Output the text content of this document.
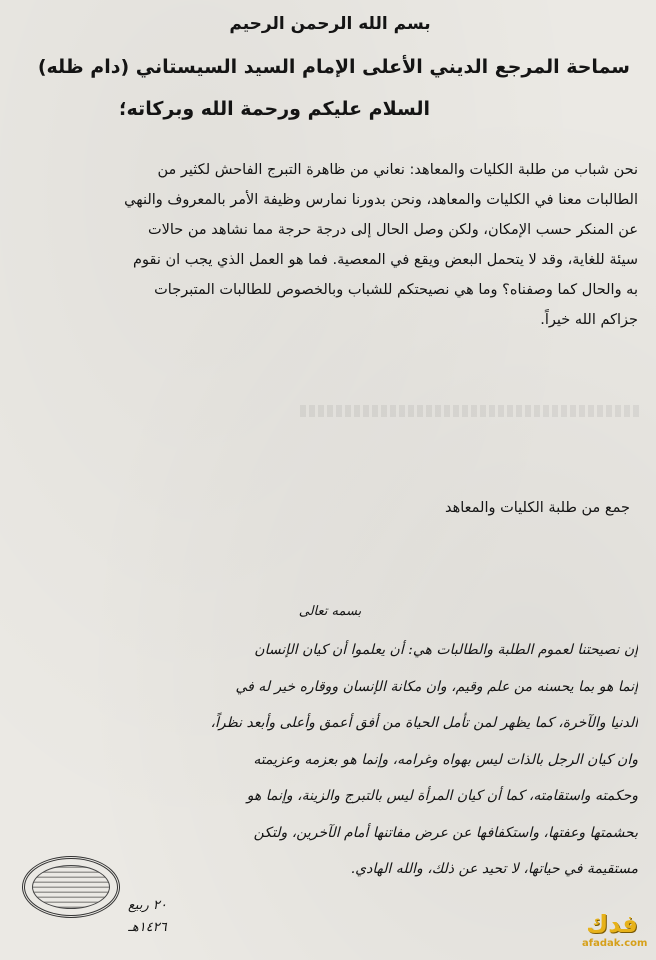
بسم الله الرحمن الرحيم
سماحة المرجع الديني الأعلى الإمام السيد السيستاني (دام ظله)
السلام عليكم ورحمة الله وبركاته؛

نحن شباب من طلبة الكليات والمعاهد: نعاني من ظاهرة التبرج الفاحش لكثير من

الطالبات معنا في الكليات والمعاهد، ونحن بدورنا نمارس وظيفة الأمر بالمعروف والنهي

عن المنكر حسب الإمكان، ولكن وصل الحال إلى درجة حرجة مما نشاهد من حالات

سيئة للغاية، وقد لا يتحمل البعض ويقع في المعصية. فما هو العمل الذي يجب ان نقوم

به والحال كما وصفناه؟ وما هي نصيحتكم للشباب وبالخصوص للطالبات المتبرجات

جزاكم الله خيراً.

جمع من طلبة الكليات والمعاهد
بسمه تعالى

إن نصيحتنا لعموم الطلبة والطالبات هي: أن يعلموا أن كيان الإنسان

إنما هو بما يحسنه من علم وقيم، وان مكانة الإنسان ووقاره خير له في

الدنيا والآخرة، كما يظهر لمن تأمل الحياة من أفق أعمق وأعلى وأبعد نظراً،

وان كيان الرجل بالذات ليس بهواه وغرامه، وإنما هو بعزمه وعزيمته

وحكمته واستقامته، كما أن كيان المرأة ليس بالتبرج والزينة، وإنما هو

بحشمتها وعفتها، واستكفافها عن عرض مفاتنها أمام الآخرين، ولتكن

مستقيمة في حياتها، لا تحيد عن ذلك، والله الهادي.

٢٠ ربيع
١٤٢٦هـ	فدك
afadak.com
